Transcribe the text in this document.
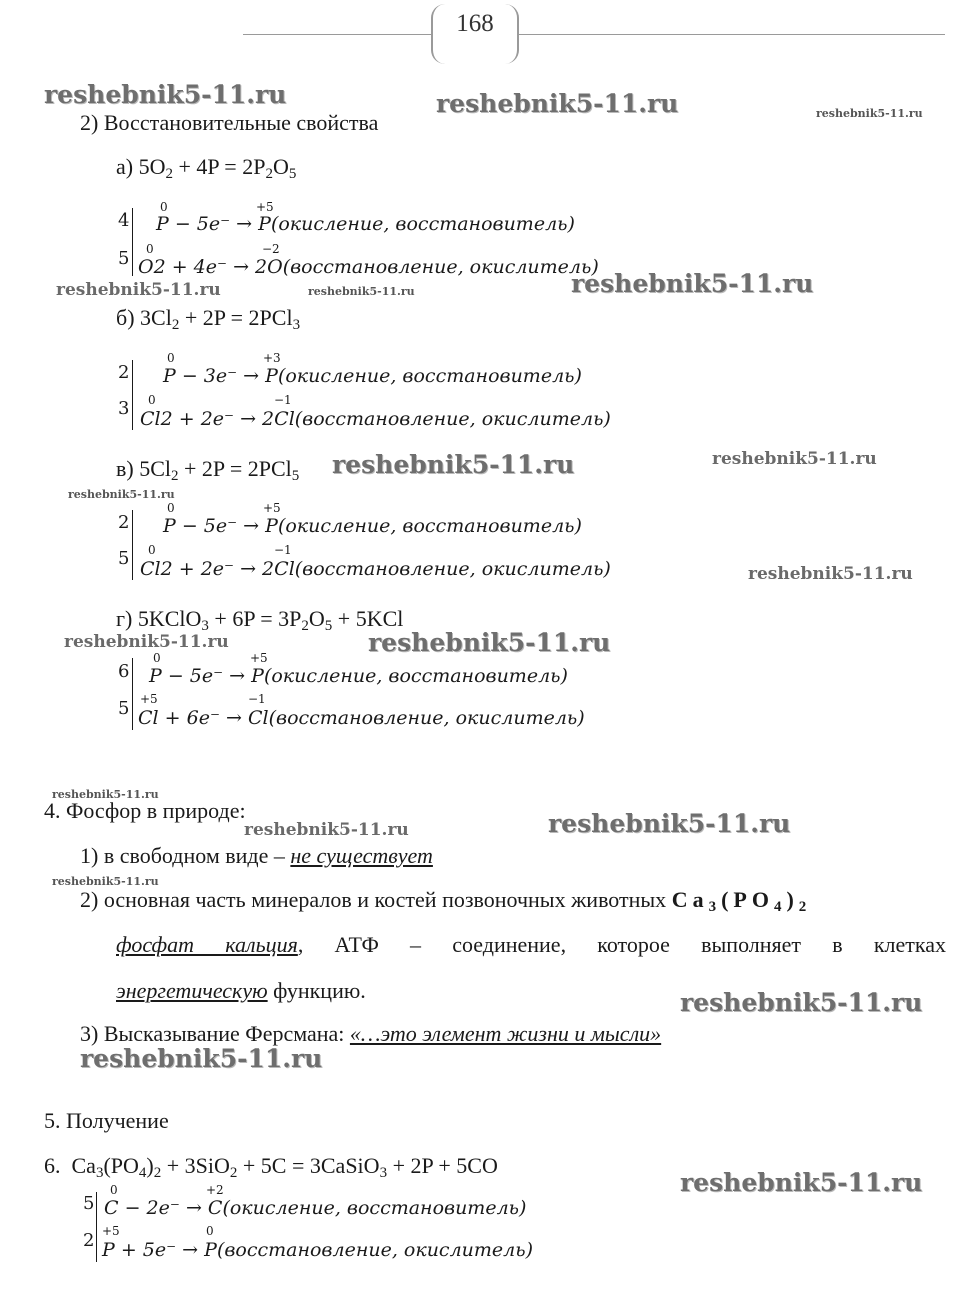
168
reshebnik5-11.ru	reshebnik5-11.ru	reshebnik5-11.ru
reshebnik5-11.ru	reshebnik5-11.ru	reshebnik5-11.ru
reshebnik5-11.ru	reshebnik5-11.ru
reshebnik5-11.ru
reshebnik5-11.ru
reshebnik5-11.ru	reshebnik5-11.ru
reshebnik5-11.ru
reshebnik5-11.ru	reshebnik5-11.ru
reshebnik5-11.ru
reshebnik5-11.ru
reshebnik5-11.ru
reshebnik5-11.ru
2) Восстановительные свойства
а) $5O_2 + 4P = 2P_2O_5$
4
5
0	+5
P − 5e⁻ → P(окисление, восстановитель)
0	−2
O2 + 4e⁻ → 2O(восстановление, окислитель)
б) $3Cl_2 + 2P = 2PCl_3$
2
3
0	+3
P − 3e⁻ → P(окисление, восстановитель)
0	−1
Cl2 + 2e⁻ → 2Cl(восстановление, окислитель)
в) $5Cl_2 + 2P = 2PCl_5$
2
5
0	+5
P − 5e⁻ → P(окисление, восстановитель)
0	−1
Cl2 + 2e⁻ → 2Cl(восстановление, окислитель)
г) 5KClO$_3$ + $6P = 3P_2O_5 + 5KCl$
6
5
0	+5
P − 5e⁻ → P(окисление, восстановитель)
+5	−1
Cl + 6e⁻ → Cl(восстановление, окислитель)
4. Фосфор в природе:
1) в свободном виде – не существует
2) основная часть минералов и костей позвоночных животных $Ca_3(PO_4)_2$
фосфат кальция, АТФ – соединение, которое выполняет в клетках
энергетическую функцию.
3) Высказывание Ферсмана: «…это элемент жизни и мысли»
5. Получение
6.  $Ca_3(PO_4)_2 + 3SiO_2 + 5C$ = 3CaSiO$_3$ + 2P + 5CO
5
2
0	+2
C − 2e⁻ → C(окисление, восстановитель)
+5	0
P + 5e⁻ → P(восстановление, окислитель)
